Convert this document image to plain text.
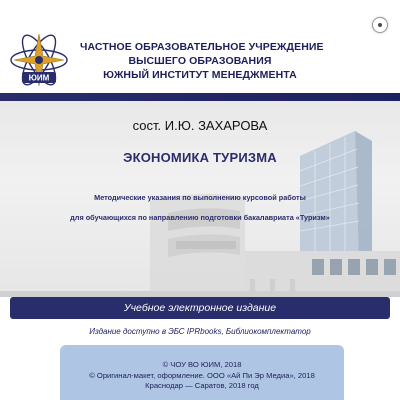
ЮИМ
ЧАСТНОЕ ОБРАЗОВАТЕЛЬНОЕ УЧРЕЖДЕНИЕ
ВЫСШЕГО ОБРАЗОВАНИЯ
ЮЖНЫЙ ИНСТИТУТ МЕНЕДЖМЕНТА
сост. И.Ю. ЗАХАРОВА
ЭКОНОМИКА ТУРИЗМА
Методические указания по выполнению курсовой работы
для обучающихся по направлению подготовки бакалавриата «Туризм»
Учебное электронное издание
Издание доступно в ЭБС IPRbooks, Библиокомплектатор
© ЧОУ ВО ЮИМ, 2018
© Оригинал-макет, оформление. ООО «Ай Пи Эр Медиа», 2018
Краснодар — Саратов, 2018 год
